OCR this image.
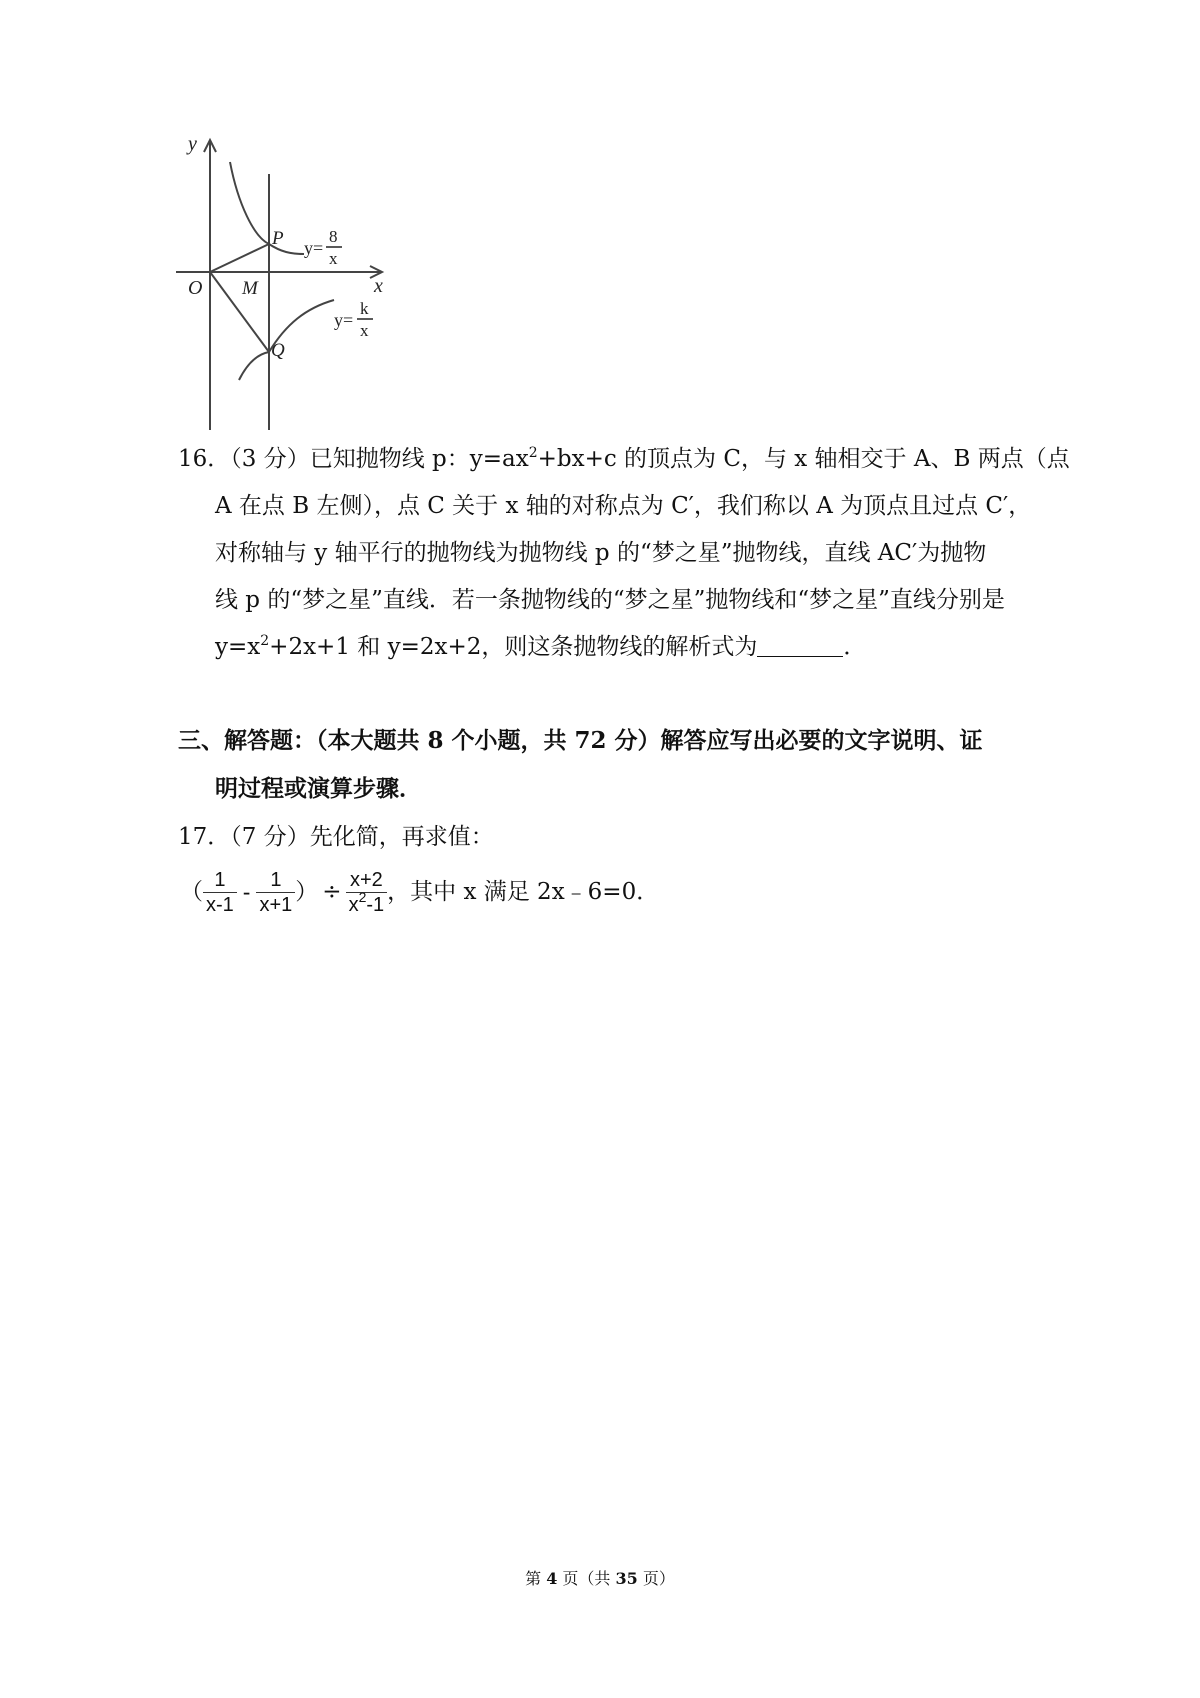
y
x
O
P
M
Q
y=
8
x
y=
k
x
16．（3 分）已知抛物线 p：$y=ax^2+bx+c$ 的顶点为 C，与 x 轴相交于 A、B 两点（点
A 在点 B 左侧），点 C 关于 x 轴的对称点为 C′，我们称以 A 为顶点且过点 C′，
对称轴与 y 轴平行的抛物线为抛物线 p 的“梦之星”抛物线，直线 AC′为抛物
线 p 的“梦之星”直线．若一条抛物线的“梦之星”抛物线和“梦之星”直线分别是
$y=x^2+2x+1$ 和 y=2x+2，则这条抛物线的解析式为	．
三、解答题：（本大题共 8 个小题，共 72 分）解答应写出必要的文字说明、证
明过程或演算步骤．
17．（7 分）先化简，再求值：
（ $\frac{1}{x-1} - \frac{1}{x+1}$ ） ÷ $\frac{x+2}{x^2-1}$ ，其中 x 满足 2x﹣6=0．
第 4 页（共 35 页）
